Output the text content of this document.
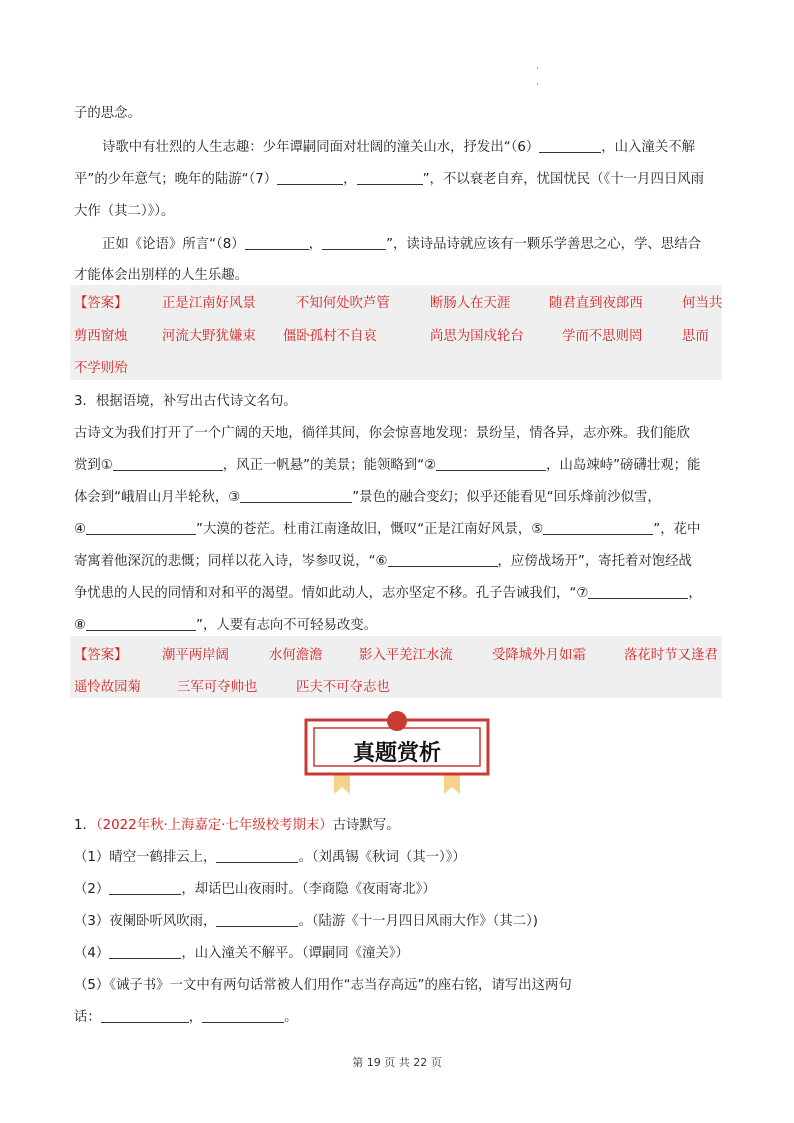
·
·
子的思念。
诗歌中有壮烈的人生志趣：少年谭嗣同面对壮阔的潼关山水，抒发出“（6）	，山入潼关不解
平”的少年意气；晚年的陆游“（7）	，	”，不以衰老自弃，忧国忧民（《十一月四日风雨
大作（其二）》）。
正如《论语》所言“（8）	，	”，读诗品诗就应该有一颗乐学善思之心，学、思结合
才能体会出别样的人生乐趣。
【答案】	正是江南好风景	不知何处吹芦管	断肠人在天涯	随君直到夜郎西	何当共
剪西窗烛	河流大野犹嫌束 僵卧孤村不自哀	尚思为国戍轮台	学而不思则罔	思而
不学则殆
3．根据语境，补写出古代诗文名句。
古诗文为我们打开了一个广阔的天地，徜徉其间，你会惊喜地发现：景纷呈，情各异，志亦殊。我们能欣
赏到①	，风正一帆悬”的美景；能领略到“②	，山岛竦峙”磅礴壮观；能
体会到“峨眉山月半轮秋，③	”景色的融合变幻；似乎还能看见“回乐烽前沙似雪，
④	”大漠的苍茫。杜甫江南逢故旧，慨叹“正是江南好风景，⑤	”，花中
寄寓着他深沉的悲慨；同样以花入诗，岑参叹说，“⑥	，应傍战场开”，寄托着对饱经战
争忧患的人民的同情和对和平的渴望。情如此动人，志亦坚定不移。孔子告诫我们，“⑦	，
⑧	”，人要有志向不可轻易改变。
【答案】	潮平两岸阔	水何澹澹	影入平羌江水流	受降城外月如霜	落花时节又逢君
遥怜故园菊	三军可夺帅也	匹夫不可夺志也
真题赏析
1．（2022年秋·上海嘉定·七年级校考期末）古诗默写。
（1）晴空一鹤排云上，	。（刘禹锡《秋词（其一）》）
（2）	，却话巴山夜雨时。（李商隐《夜雨寄北》）
（3）夜阑卧听风吹雨，	。（陆游《十一月四日风雨大作》（其二）)
（4）	，山入潼关不解平。（谭嗣同《潼关》）
（5）《诫子书》一文中有两句话常被人们用作“志当存高远”的座右铭，请写出这两句
话：	，	。
第 19 页 共 22 页
